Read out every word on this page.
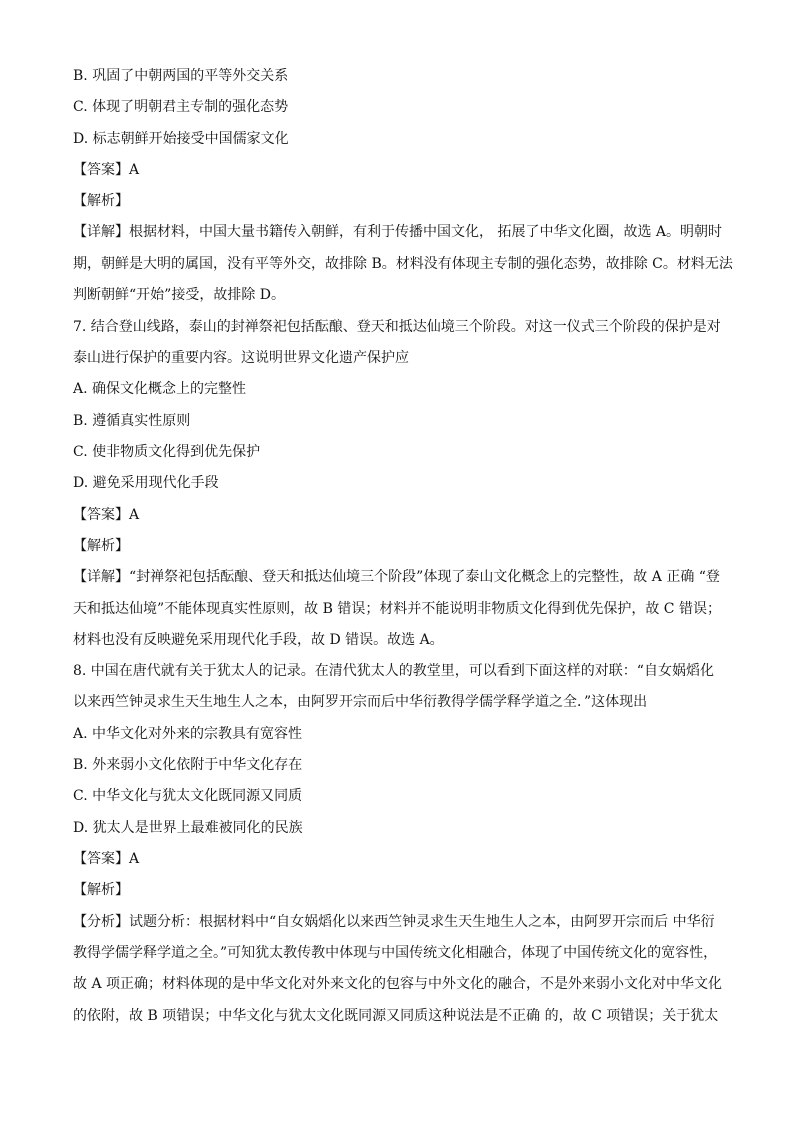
B. 巩固了中朝两国的平等外交关系
C. 体现了明朝君主专制的强化态势
D. 标志朝鲜开始接受中国儒家文化
【答案】A
【解析】
【详解】根据材料，中国大量书籍传入朝鲜，有利于传播中国文化， 拓展了中华文化圈，故选 A。明朝时
期，朝鲜是大明的属国，没有平等外交，故排除 B。材料没有体现主专制的强化态势，故排除 C。材料无法
判断朝鲜“开始”接受，故排除 D。
7. 结合登山线路，泰山的封禅祭祀包括酝酿、登天和抵达仙境三个阶段。对这一仪式三个阶段的保护是对
泰山进行保护的重要内容。这说明世界文化遗产保护应
A. 确保文化概念上的完整性
B. 遵循真实性原则
C. 使非物质文化得到优先保护
D. 避免采用现代化手段
【答案】A
【解析】
【详解】“封禅祭祀包括酝酿、登天和抵达仙境三个阶段”体现了泰山文化概念上的完整性，故 A 正确 “登
天和抵达仙境”不能体现真实性原则，故 B 错误；材料并不能说明非物质文化得到优先保护，故 C 错误；
材料也没有反映避免采用现代化手段，故 D 错误。故选 A。
8. 中国在唐代就有关于犹太人的记录。在清代犹太人的教堂里，可以看到下面这样的对联：“自女娲熖化
以来西竺钟灵求生天生地生人之本，由阿罗开宗而后中华衍教得学儒学释学道之全．”这体现出
A. 中华文化对外来的宗教具有宽容性
B. 外来弱小文化依附于中华文化存在
C. 中华文化与犹太文化既同源又同质
D. 犹太人是世界上最难被同化的民族
【答案】A
【解析】
【分析】试题分析：根据材料中“自女娲熖化以来西竺钟灵求生天生地生人之本，由阿罗开宗而后 中华衍
教得学儒学释学道之全。”可知犹太教传教中体现与中国传统文化相融合，体现了中国传统文化的宽容性，
故 A 项正确；材料体现的是中华文化对外来文化的包容与中外文化的融合，不是外来弱小文化对中华文化
的依附，故 B 项错误；中华文化与犹太文化既同源又同质这种说法是不正确 的，故 C 项错误；关于犹太
